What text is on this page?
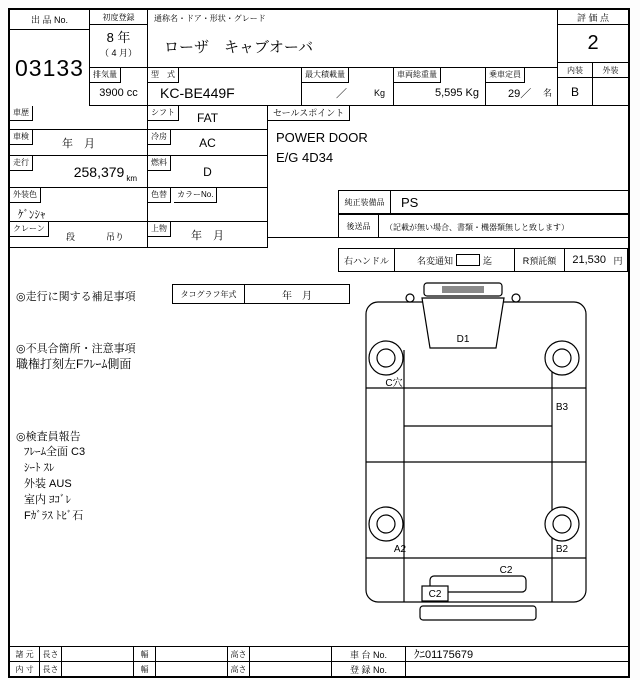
出 品 No.
03133
初度登録
8 年
（ 4 月）
通称名・ドア・形状・グレード
ローザ　キャブオーバ
評 価 点
2
内装 外装
B
排気量
3900 cc
型　式
KC-BE449F
最大積載量
／	Kg
車両総重量
5,595 Kg
乗車定員
29／ 名
車歴	シフト	FAT
車検
年　月
冷房	AC
走行
258,379 km
燃料
D
外装色
ｹﾞﾝｼｬ
色替	カラーNo.
クレーン
段	吊り
上物
年　月
セールスポイント
POWER DOOR
E/G 4D34
純正装備品	PS
後送品	（記載が無い場合、書類・機器類無しと致します）
右ハンドル	名変通知	迄	R預託額	21,530 円
◎走行に関する補足事項	タコグラフ年式	年　月
◎不具合箇所・注意事項
職権打刻左Fﾌﾚｰﾑ側面
◎検査員報告
ﾌﾚｰﾑ全面 C3
ｼｰﾄ ｽﾚ
外装 AUS
室内 ﾖｺﾞﾚ
Fｶﾞﾗｽ ﾄﾋﾞ石
D1
C穴
B3
A2	B2
C2
C2
諸 元	長さ	幅	高さ	車 台 No.	ｸﾆ01175679
内 寸	長さ	幅	高さ	登 録 No.
